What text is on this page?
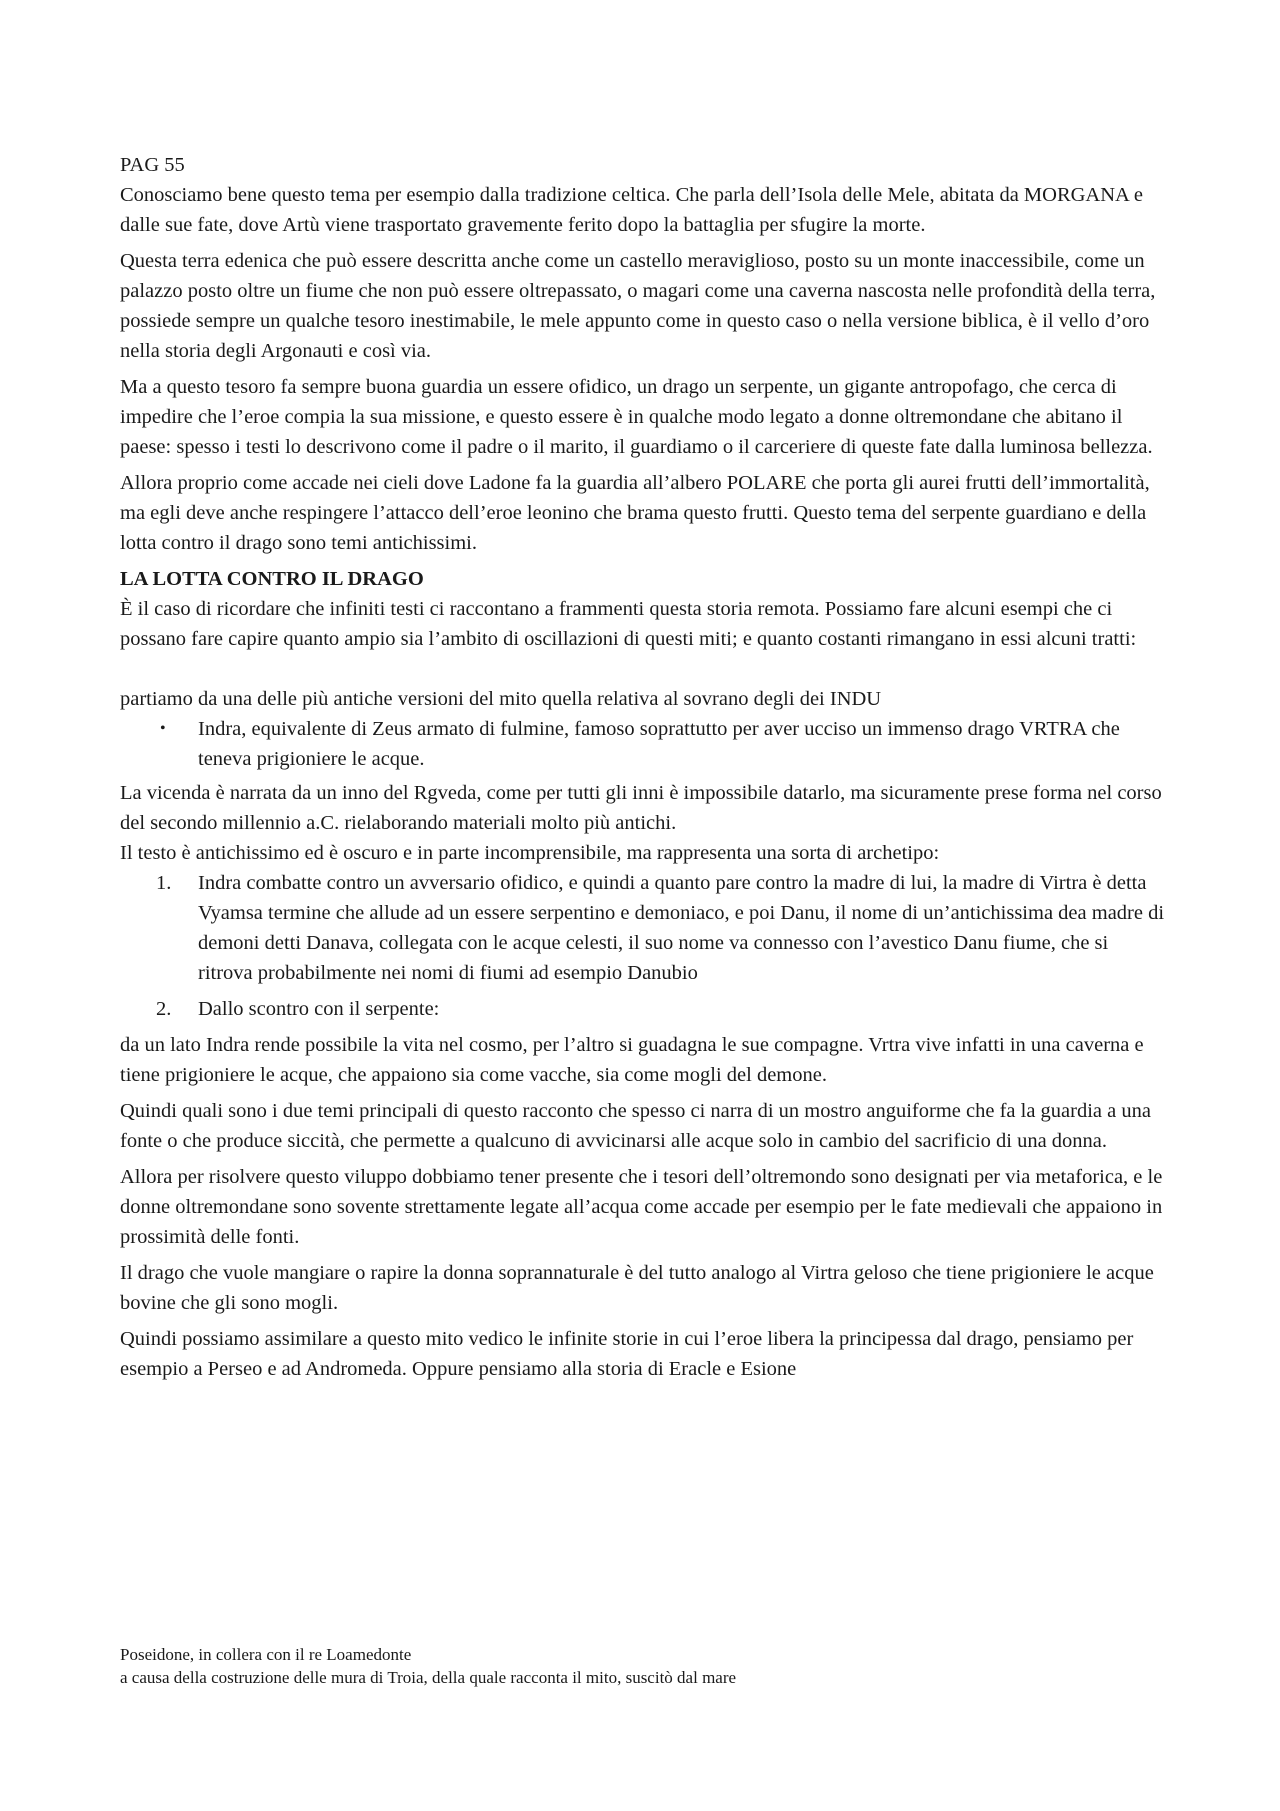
PAG 55

Conosciamo bene questo tema per esempio dalla tradizione celtica. Che parla dell’Isola delle Mele, abitata da MORGANA e dalle sue fate, dove Artù viene trasportato gravemente ferito dopo la battaglia per sfugire la morte.

Questa terra edenica che può essere descritta anche come un castello meraviglioso, posto su un monte inaccessibile, come un palazzo posto oltre un fiume che non può essere oltrepassato, o magari come una caverna nascosta nelle profondità della terra, possiede sempre un qualche tesoro inestimabile, le mele appunto come in questo caso o nella versione biblica, è il vello d’oro nella storia degli Argonauti e così via.

Ma a questo tesoro fa sempre buona guardia un essere ofidico, un drago un serpente, un gigante antropofago, che cerca di impedire che l’eroe compia la sua missione, e questo essere è in qualche modo legato a donne oltremondane che abitano il paese: spesso i testi lo descrivono come il padre o il marito, il guardiamo o il carceriere di queste fate dalla luminosa bellezza.

Allora proprio come accade nei cieli dove Ladone fa la guardia all’albero POLARE che porta gli aurei frutti dell’immortalità, ma egli deve anche respingere l’attacco dell’eroe leonino che brama questo frutti. Questo tema del serpente guardiano e della lotta contro il drago sono temi antichissimi.

LA LOTTA CONTRO IL DRAGO

È il caso di ricordare che infiniti testi ci raccontano a frammenti questa storia remota. Possiamo fare alcuni esempi che ci possano fare capire quanto ampio sia l’ambito di oscillazioni di questi miti; e quanto costanti rimangano in essi alcuni tratti:

partiamo da una delle più antiche versioni del mito quella relativa al sovrano degli dei INDU

• Indra, equivalente di Zeus armato di fulmine, famoso soprattutto per aver ucciso un immenso drago VRTRA che teneva prigioniere le acque.

La vicenda è narrata da un inno del Rgveda, come per tutti gli inni è impossibile datarlo, ma sicuramente prese forma nel corso del secondo millennio a.C. rielaborando materiali molto più antichi.

Il testo è antichissimo ed è oscuro e in parte incomprensibile, ma rappresenta una sorta di archetipo:

1. Indra combatte contro un avversario ofidico, e quindi a quanto pare contro la madre di lui, la madre di Virtra è detta Vyamsa termine che allude ad un essere serpentino e demoniaco, e poi Danu, il nome di un’antichissima dea madre di demoni detti Danava, collegata con le acque celesti, il suo nome va connesso con l’avestico Danu fiume, che si ritrova probabilmente nei nomi di fiumi ad esempio Danubio
2. Dallo scontro con il serpente:

da un lato Indra rende possibile la vita nel cosmo, per l’altro si guadagna le sue compagne. Vrtra vive infatti in una caverna e tiene prigioniere le acque, che appaiono sia come vacche, sia come mogli del demone.

Quindi quali sono i due temi principali di questo racconto che spesso ci narra di un mostro anguiforme che fa la guardia a una fonte o che produce siccità, che permette a qualcuno di avvicinarsi alle acque solo in cambio del sacrificio di una donna.

Allora per risolvere questo viluppo dobbiamo tener presente che i tesori dell’oltremondo sono designati per via metaforica, e le donne oltremondane sono sovente strettamente legate all’acqua come accade per esempio per le fate medievali che appaiono in prossimità delle fonti.

Il drago che vuole mangiare o rapire la donna soprannaturale è del tutto analogo al Virtra geloso che tiene prigioniere le acque bovine che gli sono mogli.

Quindi possiamo assimilare a questo mito vedico le infinite storie in cui l’eroe libera la principessa dal drago, pensiamo per esempio a Perseo e ad Andromeda. Oppure pensiamo alla storia di Eracle e Esione

Poseidone, in collera con il re Loamedonte
a causa della costruzione delle mura di Troia, della quale racconta il mito, suscitò dal mare
